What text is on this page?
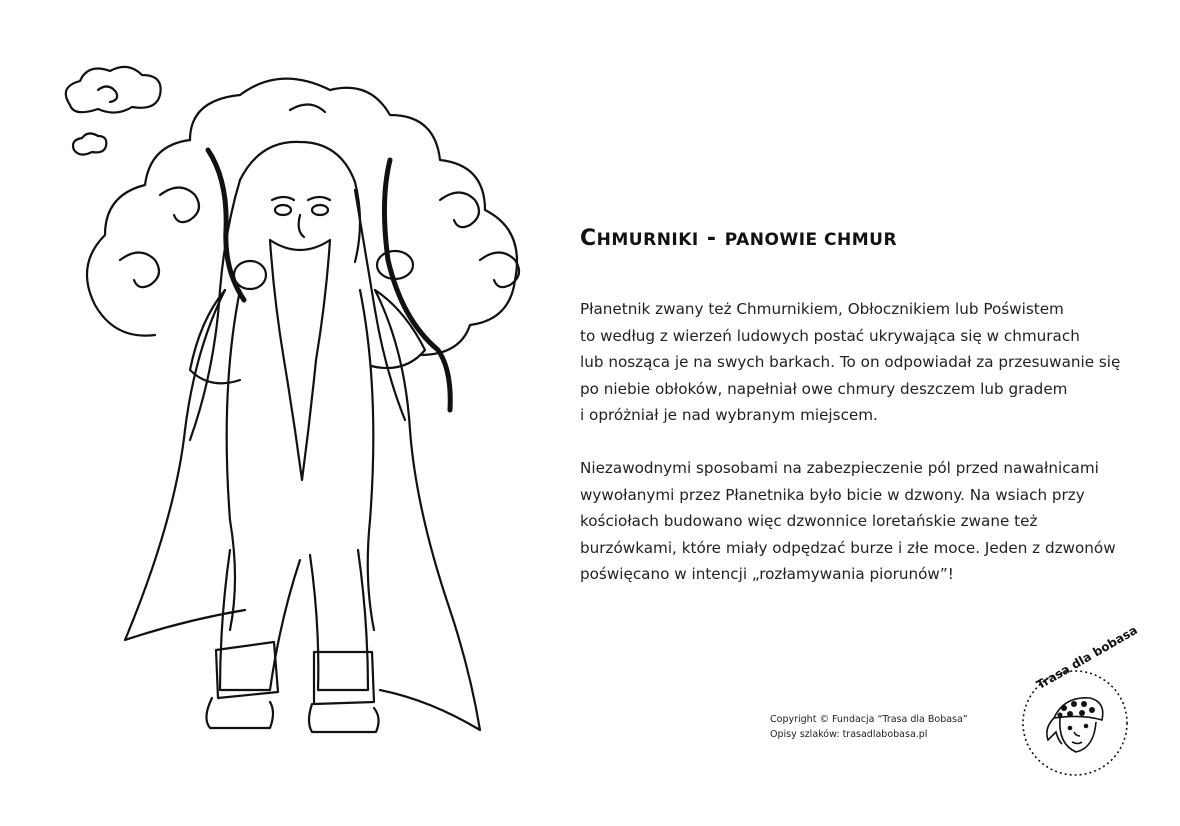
CHMURNIKI - PANOWIE CHMUR
Płanetnik zwany też Chmurnikiem, Obłocznikiem lub Poświstem
to według z wierzeń ludowych postać ukrywająca się w chmurach
lub nosząca je na swych barkach. To on odpowiadał za przesuwanie się
po niebie obłoków, napełniał owe chmury deszczem lub gradem
i opróżniał je nad wybranym miejscem.
Niezawodnymi sposobami na zabezpieczenie pól przed nawałnicami
wywołanymi przez Płanetnika było bicie w dzwony. Na wsiach przy
kościołach budowano więc dzwonnice loretańskie zwane też
burzówkami, które miały odpędzać burze i złe moce. Jeden z dzwonów
poświęcano w intencji „rozłamywania piorunów”!
Copyright © Fundacja “Trasa dla Bobasa”
Opisy szlaków: trasadlabobasa.pl
Trasa dla bobasa
